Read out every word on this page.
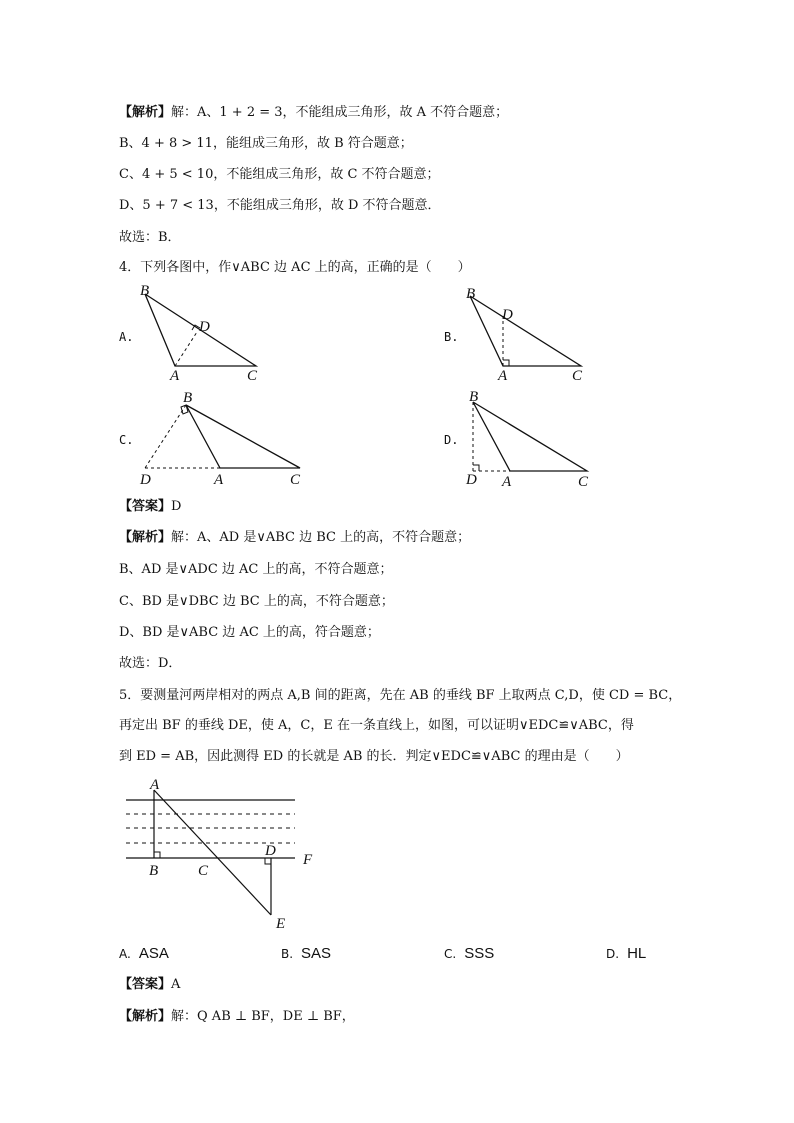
【解析】解：A、1 + 2 = 3，不能组成三角形，故 A 不符合题意；
B、4 + 8 > 11，能组成三角形，故 B 符合题意；
C、4 + 5 < 10，不能组成三角形，故 C 不符合题意；
D、5 + 7 < 13，不能组成三角形，故 D 不符合题意．
故选：B．
4．下列各图中，作∨ABC 边 AC 上的高，正确的是（　　）
A.
B
D
A	C
B.
B
D
A	C
C.
B
D	A	C
D.
B
D A	C
【答案】D
【解析】解：A、AD 是∨ABC 边 BC 上的高，不符合题意；
B、AD 是∨ADC 边 AC 上的高，不符合题意；
C、BD 是∨DBC 边 BC 上的高，不符合题意；
D、BD 是∨ABC 边 AC 上的高，符合题意；
故选：D．
5．要测量河两岸相对的两点 A,B 间的距离，先在 AB 的垂线 BF 上取两点 C,D，使 CD = BC，
再定出 BF 的垂线 DE，使 A，C，E 在一条直线上，如图，可以证明∨EDC≌∨ABC，得
到 ED = AB，因此测得 ED 的长就是 AB 的长．判定∨EDC≌∨ABC 的理由是（　　）
A
B	C
D
F
E
A. ASA	B. SAS	C. SSS	D. HL
【答案】A
【解析】解：Q AB ⊥ BF，DE ⊥ BF，
